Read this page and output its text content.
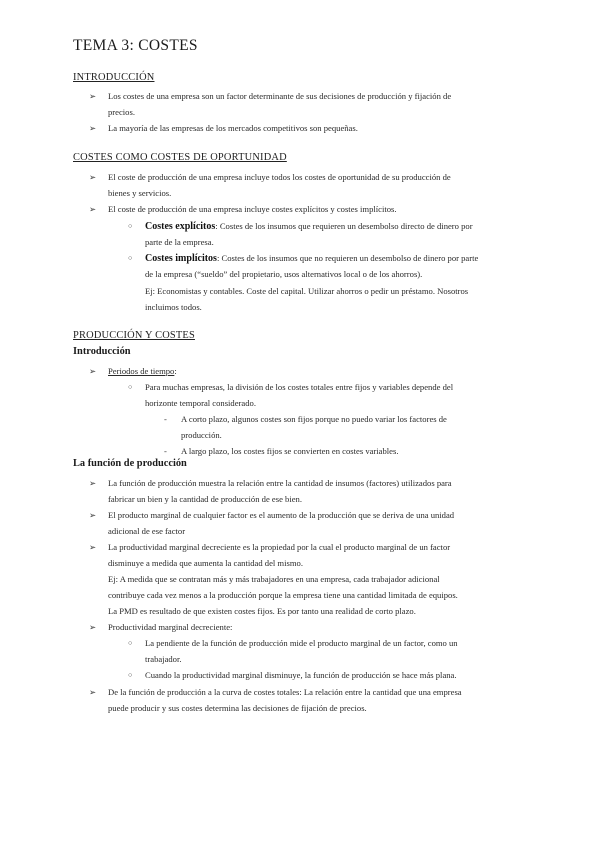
TEMA 3: COSTES
INTRODUCCIÓN
➢ Los costes de una empresa son un factor determinante de sus decisiones de producción y fijación de
precios.
➢ La mayoría de las empresas de los mercados competitivos son pequeñas.
COSTES COMO COSTES DE OPORTUNIDAD
➢ El coste de producción de una empresa incluye todos los costes de oportunidad de su producción de
bienes y servicios.
➢ El coste de producción de una empresa incluye costes explícitos y costes implícitos.
○ Costes explícitos: Costes de los insumos que requieren un desembolso directo de dinero por
parte de la empresa.
○ Costes implícitos: Costes de los insumos que no requieren un desembolso de dinero por parte
de la empresa (“sueldo” del propietario, usos alternativos local o de los ahorros).
Ej: Economistas y contables. Coste del capital. Utilizar ahorros o pedir un préstamo. Nosotros
incluimos todos.
PRODUCCIÓN Y COSTES
Introducción
➢ Periodos de tiempo:
○ Para muchas empresas, la división de los costes totales entre fijos y variables depende del
horizonte temporal considerado.
- A corto plazo, algunos costes son fijos porque no puedo variar los factores de
producción.
- A largo plazo, los costes fijos se convierten en costes variables.
La función de producción
➢ La función de producción muestra la relación entre la cantidad de insumos (factores) utilizados para
fabricar un bien y la cantidad de producción de ese bien.
➢ El producto marginal de cualquier factor es el aumento de la producción que se deriva de una unidad
adicional de ese factor
➢ La productividad marginal decreciente es la propiedad por la cual el producto marginal de un factor
disminuye a medida que aumenta la cantidad del mismo.
Ej: A medida que se contratan más y más trabajadores en una empresa, cada trabajador adicional
contribuye cada vez menos a la producción porque la empresa tiene una cantidad limitada de equipos.
La PMD es resultado de que existen costes fijos. Es por tanto una realidad de corto plazo.
➢ Productividad marginal decreciente:
○ La pendiente de la función de producción mide el producto marginal de un factor, como un
trabajador.
○ Cuando la productividad marginal disminuye, la función de producción se hace más plana.
➢ De la función de producción a la curva de costes totales: La relación entre la cantidad que una empresa
puede producir y sus costes determina las decisiones de fijación de precios.
